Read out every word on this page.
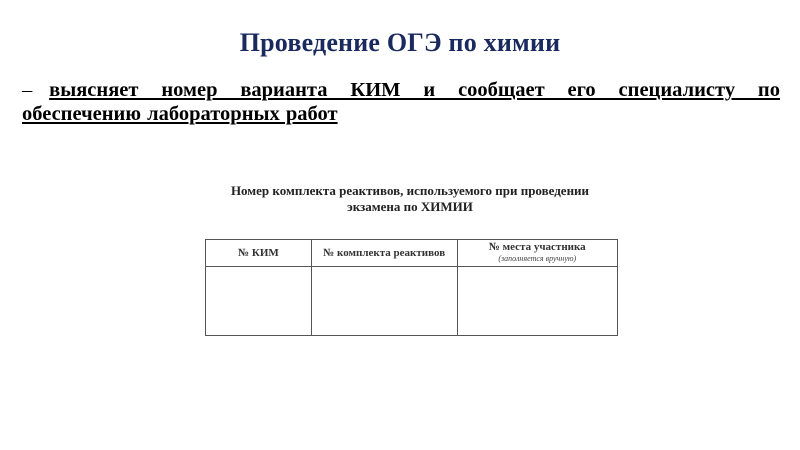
Проведение ОГЭ по химии
– выясняет номер варианта КИМ и сообщает его специалисту по обеспечению лабораторных работ
Номер комплекта реактивов, используемого при проведении
экзамена по ХИМИИ
№ КИМ	№ комплекта реактивов	№ места участника
(заполняется вручную)
